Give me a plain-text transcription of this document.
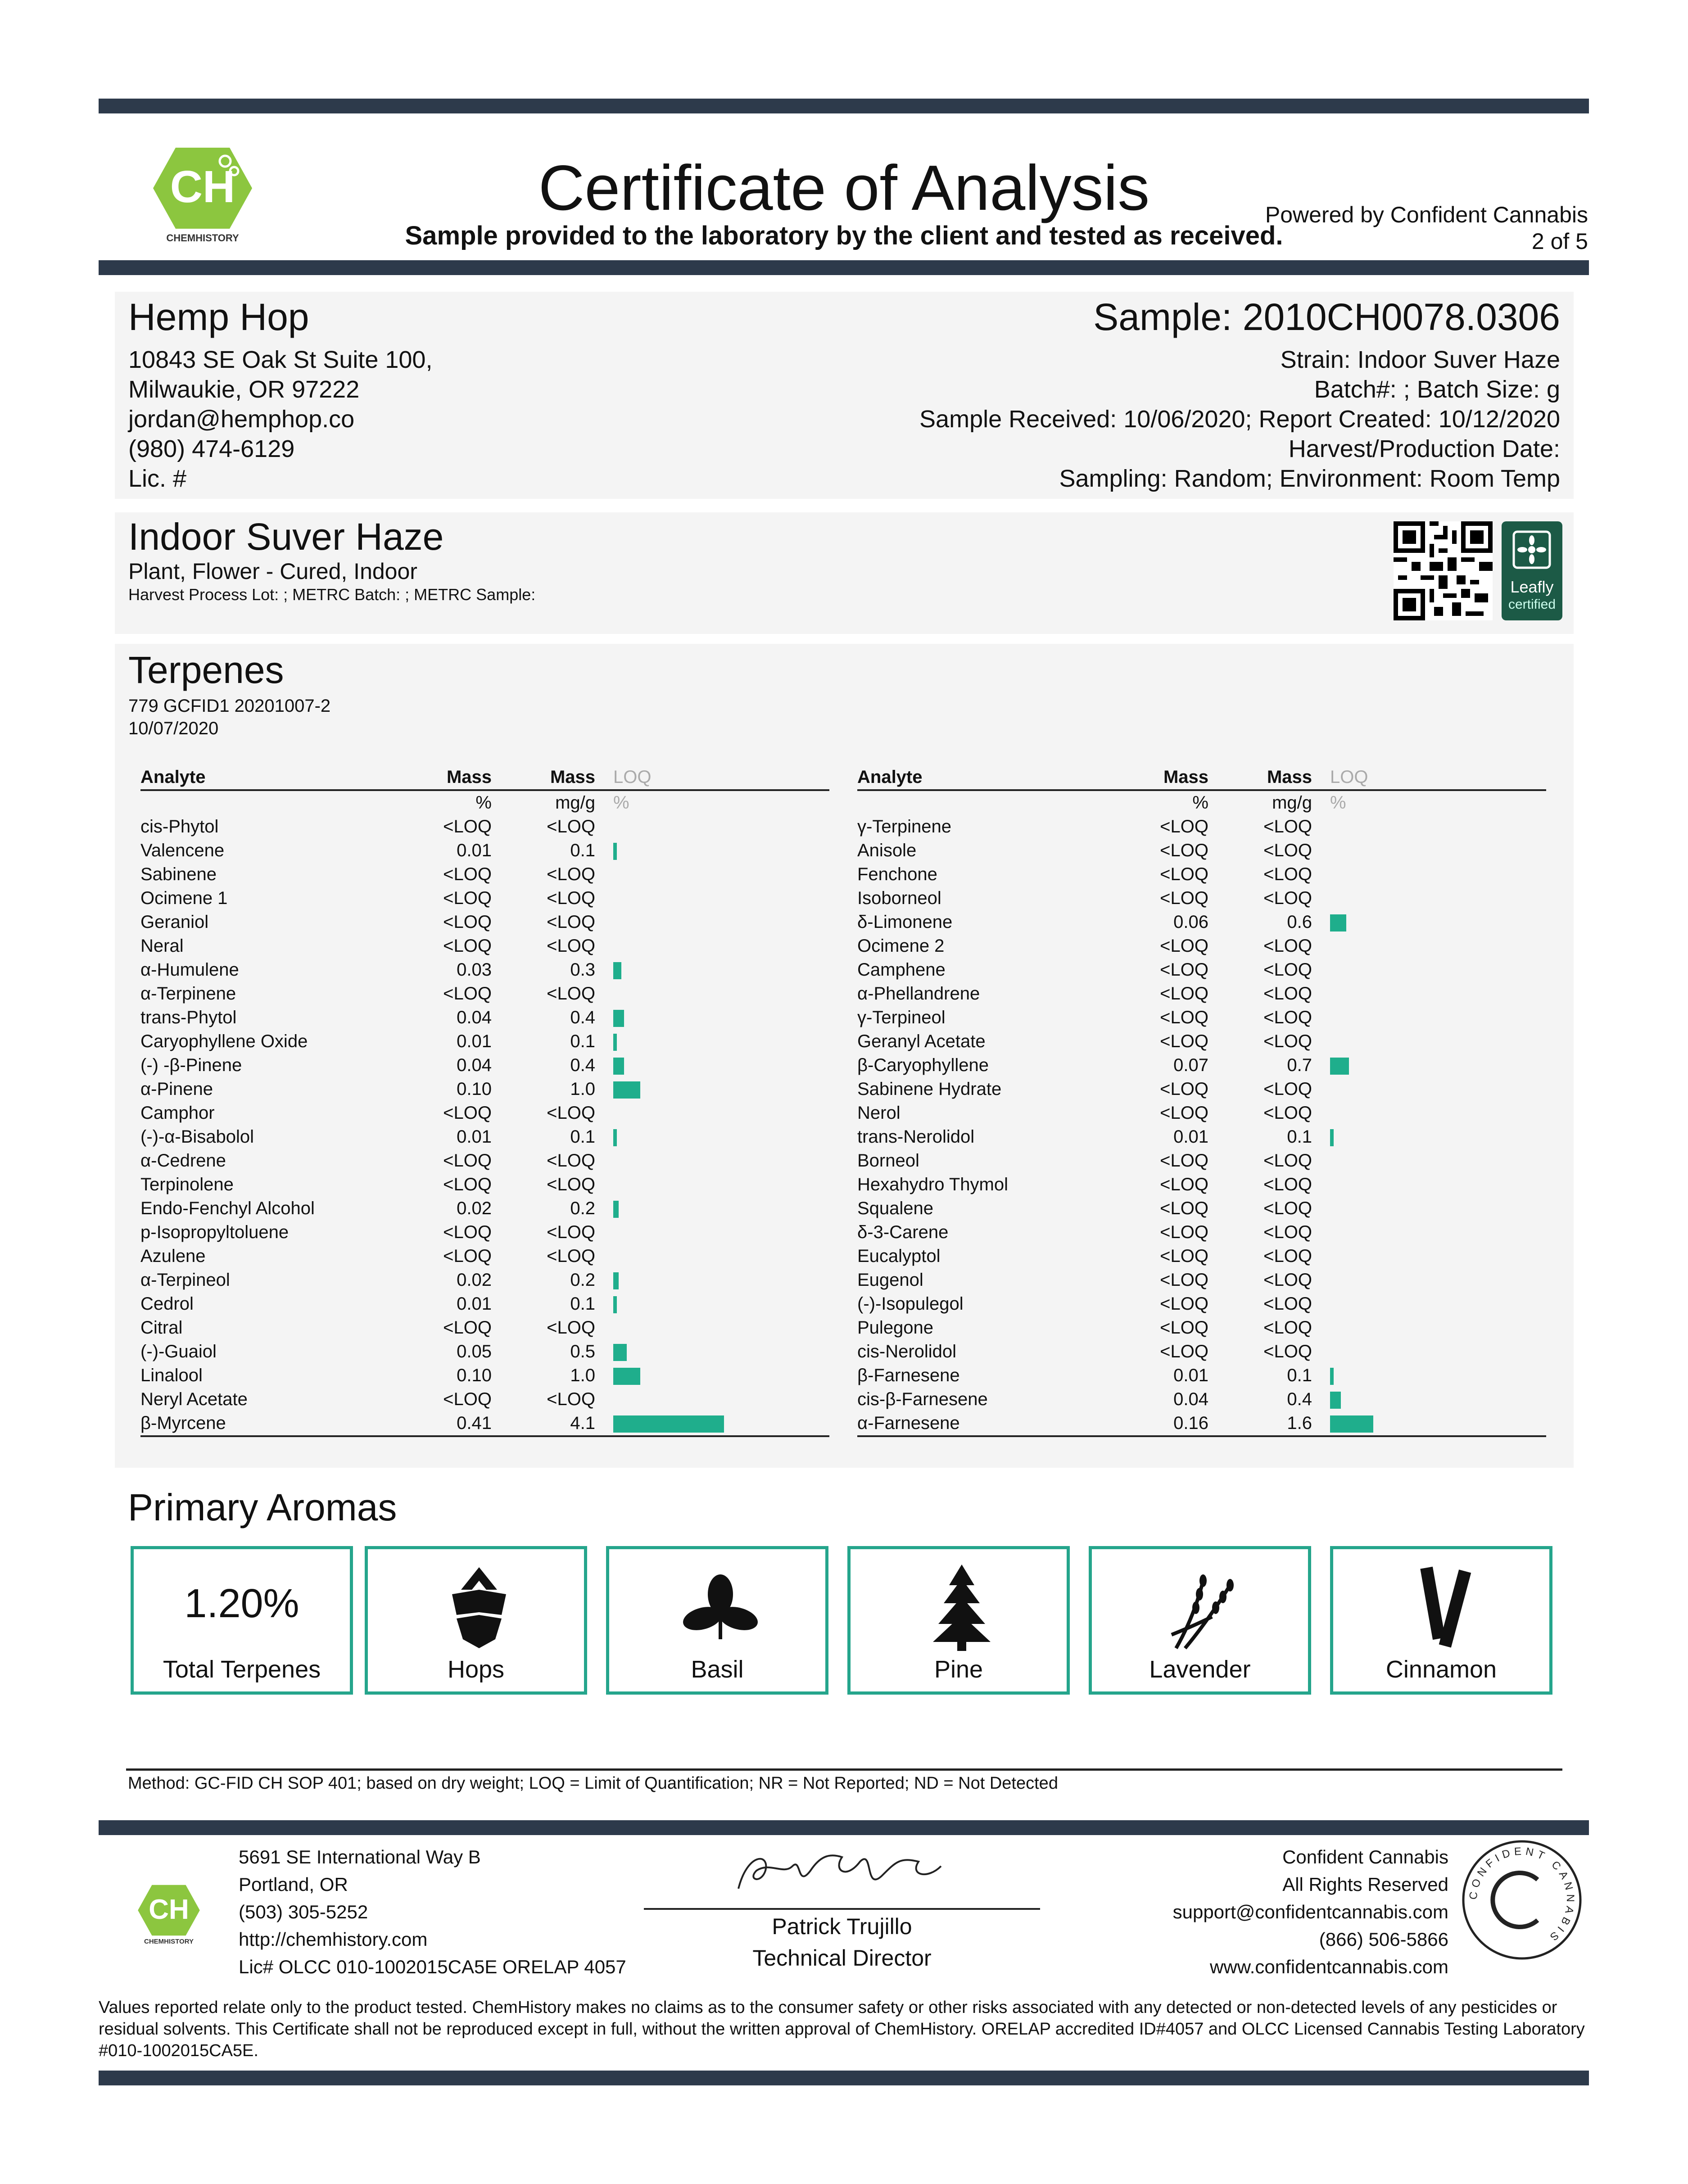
CH
CHEMHISTORY
Certificate of Analysis
Sample provided to the laboratory by the client and tested as received.
Powered by Confident Cannabis
2 of 5
Hemp Hop
10843 SE Oak St Suite 100,
Milwaukie, OR 97222
jordan@hemphop.co
(980) 474-6129
Lic. #
Sample: 2010CH0078.0306
Strain: Indoor Suver Haze
Batch#: ; Batch Size: g
Sample Received: 10/06/2020; Report Created: 10/12/2020
Harvest/Production Date:
Sampling: Random; Environment: Room Temp
Indoor Suver Haze
Plant, Flower - Cured, Indoor
Harvest Process Lot: ; METRC Batch: ; METRC Sample:	Leafly
certified
Terpenes
779 GCFID1 20201007-2
10/07/2020
Analyte	Mass	Mass	LOQ
	%	mg/g	%
cis-Phytol	<LOQ	<LOQ	
Valencene	0.01	0.1	
Sabinene	<LOQ	<LOQ	
Ocimene 1	<LOQ	<LOQ	
Geraniol	<LOQ	<LOQ	
Neral	<LOQ	<LOQ	
α-Humulene	0.03	0.3	
α-Terpinene	<LOQ	<LOQ	
trans-Phytol	0.04	0.4	
Caryophyllene Oxide	0.01	0.1	
(-) -β-Pinene	0.04	0.4	
α-Pinene	0.10	1.0	
Camphor	<LOQ	<LOQ	
(-)-α-Bisabolol	0.01	0.1	
α-Cedrene	<LOQ	<LOQ	
Terpinolene	<LOQ	<LOQ	
Endo-Fenchyl Alcohol	0.02	0.2	
p-Isopropyltoluene	<LOQ	<LOQ	
Azulene	<LOQ	<LOQ	
α-Terpineol	0.02	0.2	
Cedrol	0.01	0.1	
Citral	<LOQ	<LOQ	
(-)-Guaiol	0.05	0.5	
Linalool	0.10	1.0	
Neryl Acetate	<LOQ	<LOQ	
β-Myrcene	0.41	4.1	
Analyte	Mass	Mass	LOQ
	%	mg/g	%
γ-Terpinene	<LOQ	<LOQ	
Anisole	<LOQ	<LOQ	
Fenchone	<LOQ	<LOQ	
Isoborneol	<LOQ	<LOQ	
δ-Limonene	0.06	0.6	
Ocimene 2	<LOQ	<LOQ	
Camphene	<LOQ	<LOQ	
α-Phellandrene	<LOQ	<LOQ	
γ-Terpineol	<LOQ	<LOQ	
Geranyl Acetate	<LOQ	<LOQ	
β-Caryophyllene	0.07	0.7	
Sabinene Hydrate	<LOQ	<LOQ	
Nerol	<LOQ	<LOQ	
trans-Nerolidol	0.01	0.1	
Borneol	<LOQ	<LOQ	
Hexahydro Thymol	<LOQ	<LOQ	
Squalene	<LOQ	<LOQ	
δ-3-Carene	<LOQ	<LOQ	
Eucalyptol	<LOQ	<LOQ	
Eugenol	<LOQ	<LOQ	
(-)-Isopulegol	<LOQ	<LOQ	
Pulegone	<LOQ	<LOQ	
cis-Nerolidol	<LOQ	<LOQ	
β-Farnesene	0.01	0.1	
cis-β-Farnesene	0.04	0.4	
α-Farnesene	0.16	1.6	
Primary Aromas
1.20%
Total Terpenes	Hops	Basil	Pine	Lavender	Cinnamon
Method: GC-FID CH SOP 401; based on dry weight; LOQ = Limit of Quantification; NR = Not Reported; ND = Not Detected
CH
CHEMHISTORY
5691 SE International Way B
Portland, OR
(503) 305-5252
http://chemhistory.com
Lic# OLCC 010-1002015CA5E ORELAP 4057
Patrick Trujillo
Technical Director
Confident Cannabis
All Rights Reserved
support@confidentcannabis.com
(866) 506-5866
www.confidentcannabis.com
CONFIDENT CANNABIS
Values reported relate only to the product tested. ChemHistory makes no claims as to the consumer safety or other risks associated with any detected or non-detected levels of any pesticides or residual solvents. This Certificate shall not be reproduced except in full, without the written approval of ChemHistory. ORELAP accredited ID#4057 and OLCC Licensed Cannabis Testing Laboratory #010-1002015CA5E.
